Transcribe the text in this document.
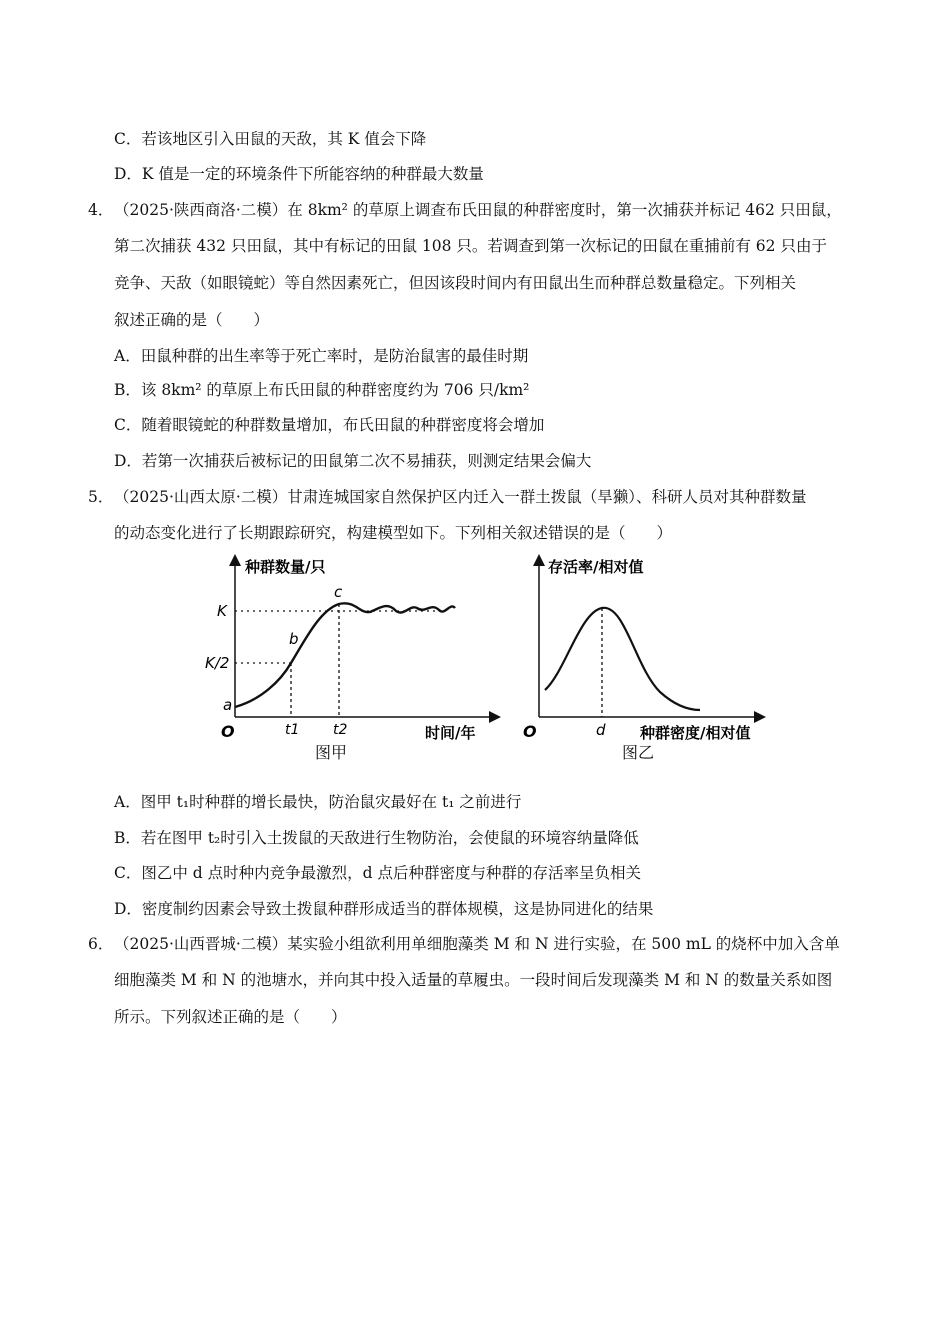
C．若该地区引入田鼠的天敌，其 K 值会下降
D．K 值是一定的环境条件下所能容纳的种群最大数量
4． （2025·陕西商洛·二模）在 8km² 的草原上调查布氏田鼠的种群密度时，第一次捕获并标记 462 只田鼠，
第二次捕获 432 只田鼠，其中有标记的田鼠 108 只。若调查到第一次标记的田鼠在重捕前有 62 只由于
竞争、天敌（如眼镜蛇）等自然因素死亡，但因该段时间内有田鼠出生而种群总数量稳定。下列相关
叙述正确的是（　　）
A．田鼠种群的出生率等于死亡率时，是防治鼠害的最佳时期
B．该 8km² 的草原上布氏田鼠的种群密度约为 706 只/km²
C．随着眼镜蛇的种群数量增加，布氏田鼠的种群密度将会增加
D．若第一次捕获后被标记的田鼠第二次不易捕获，则测定结果会偏大
5． （2025·山西太原·二模）甘肃连城国家自然保护区内迁入一群土拨鼠（旱獭）、科研人员对其种群数量
的动态变化进行了长期跟踪研究，构建模型如下。下列相关叙述错误的是（　　）
种群数量/只
时间/年
O
K
K/2
t1 t2
a
b
c
图甲
存活率/相对值
种群密度/相对值
O	d
图乙
A．图甲 t₁时种群的增长最快，防治鼠灾最好在 t₁ 之前进行
B．若在图甲 t₂时引入土拨鼠的天敌进行生物防治，会使鼠的环境容纳量降低
C．图乙中 d 点时种内竞争最激烈，d 点后种群密度与种群的存活率呈负相关
D．密度制约因素会导致土拨鼠种群形成适当的群体规模，这是协同进化的结果
6． （2025·山西晋城·二模）某实验小组欲利用单细胞藻类 M 和 N 进行实验，在 500 mL 的烧杯中加入含单
细胞藻类 M 和 N 的池塘水，并向其中投入适量的草履虫。一段时间后发现藻类 M 和 N 的数量关系如图
所示。下列叙述正确的是（　　）
